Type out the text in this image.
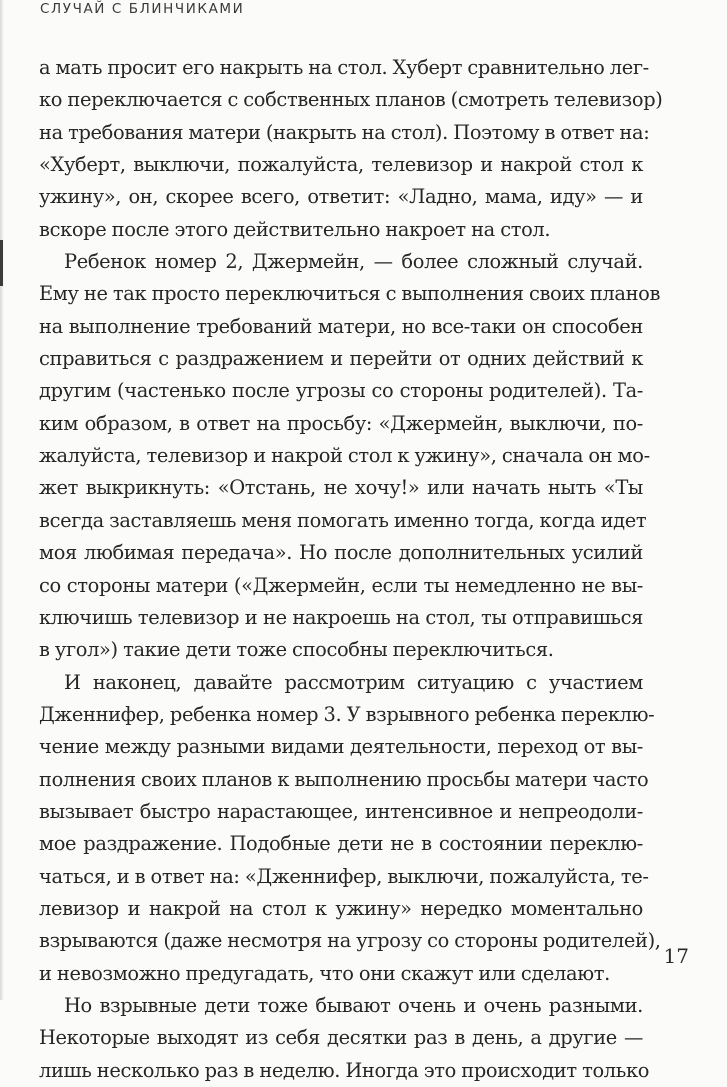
СЛУЧАЙ С БЛИНЧИКАМИ
а мать просит его накрыть на стол. Хуберт сравнительно лег-
ко переключается с собственных планов (смотреть телевизор)
на требования матери (накрыть на стол). Поэтому в ответ на:
«Хуберт, выключи, пожалуйста, телевизор и накрой стол к
ужину», он, скорее всего, ответит: «Ладно, мама, иду» — и
вскоре после этого действительно накроет на стол.
Ребенок номер 2, Джермейн, — более сложный случай.
Ему не так просто переключиться с выполнения своих планов
на выполнение требований матери, но все-таки он способен
справиться с раздражением и перейти от одних действий к
другим (частенько после угрозы со стороны родителей). Та-
ким образом, в ответ на просьбу: «Джермейн, выключи, по-
жалуйста, телевизор и накрой стол к ужину», сначала он мо-
жет выкрикнуть: «Отстань, не хочу!» или начать ныть «Ты
всегда заставляешь меня помогать именно тогда, когда идет
моя любимая передача». Но после дополнительных усилий
со стороны матери («Джермейн, если ты немедленно не вы-
ключишь телевизор и не накроешь на стол, ты отправишься
в угол») такие дети тоже способны переключиться.
И наконец, давайте рассмотрим ситуацию с участием
Дженнифер, ребенка номер 3. У взрывного ребенка переклю-
чение между разными видами деятельности, переход от вы-
полнения своих планов к выполнению просьбы матери часто
вызывает быстро нарастающее, интенсивное и непреодоли-
мое раздражение. Подобные дети не в состоянии переклю-
чаться, и в ответ на: «Дженнифер, выключи, пожалуйста, те-
левизор и накрой на стол к ужину» нередко моментально
взрываются (даже несмотря на угрозу со стороны родителей),
и невозможно предугадать, что они скажут или сделают.
Но взрывные дети тоже бывают очень и очень разными.
Некоторые выходят из себя десятки раз в день, а другие —
лишь несколько раз в неделю. Иногда это происходит только
17
